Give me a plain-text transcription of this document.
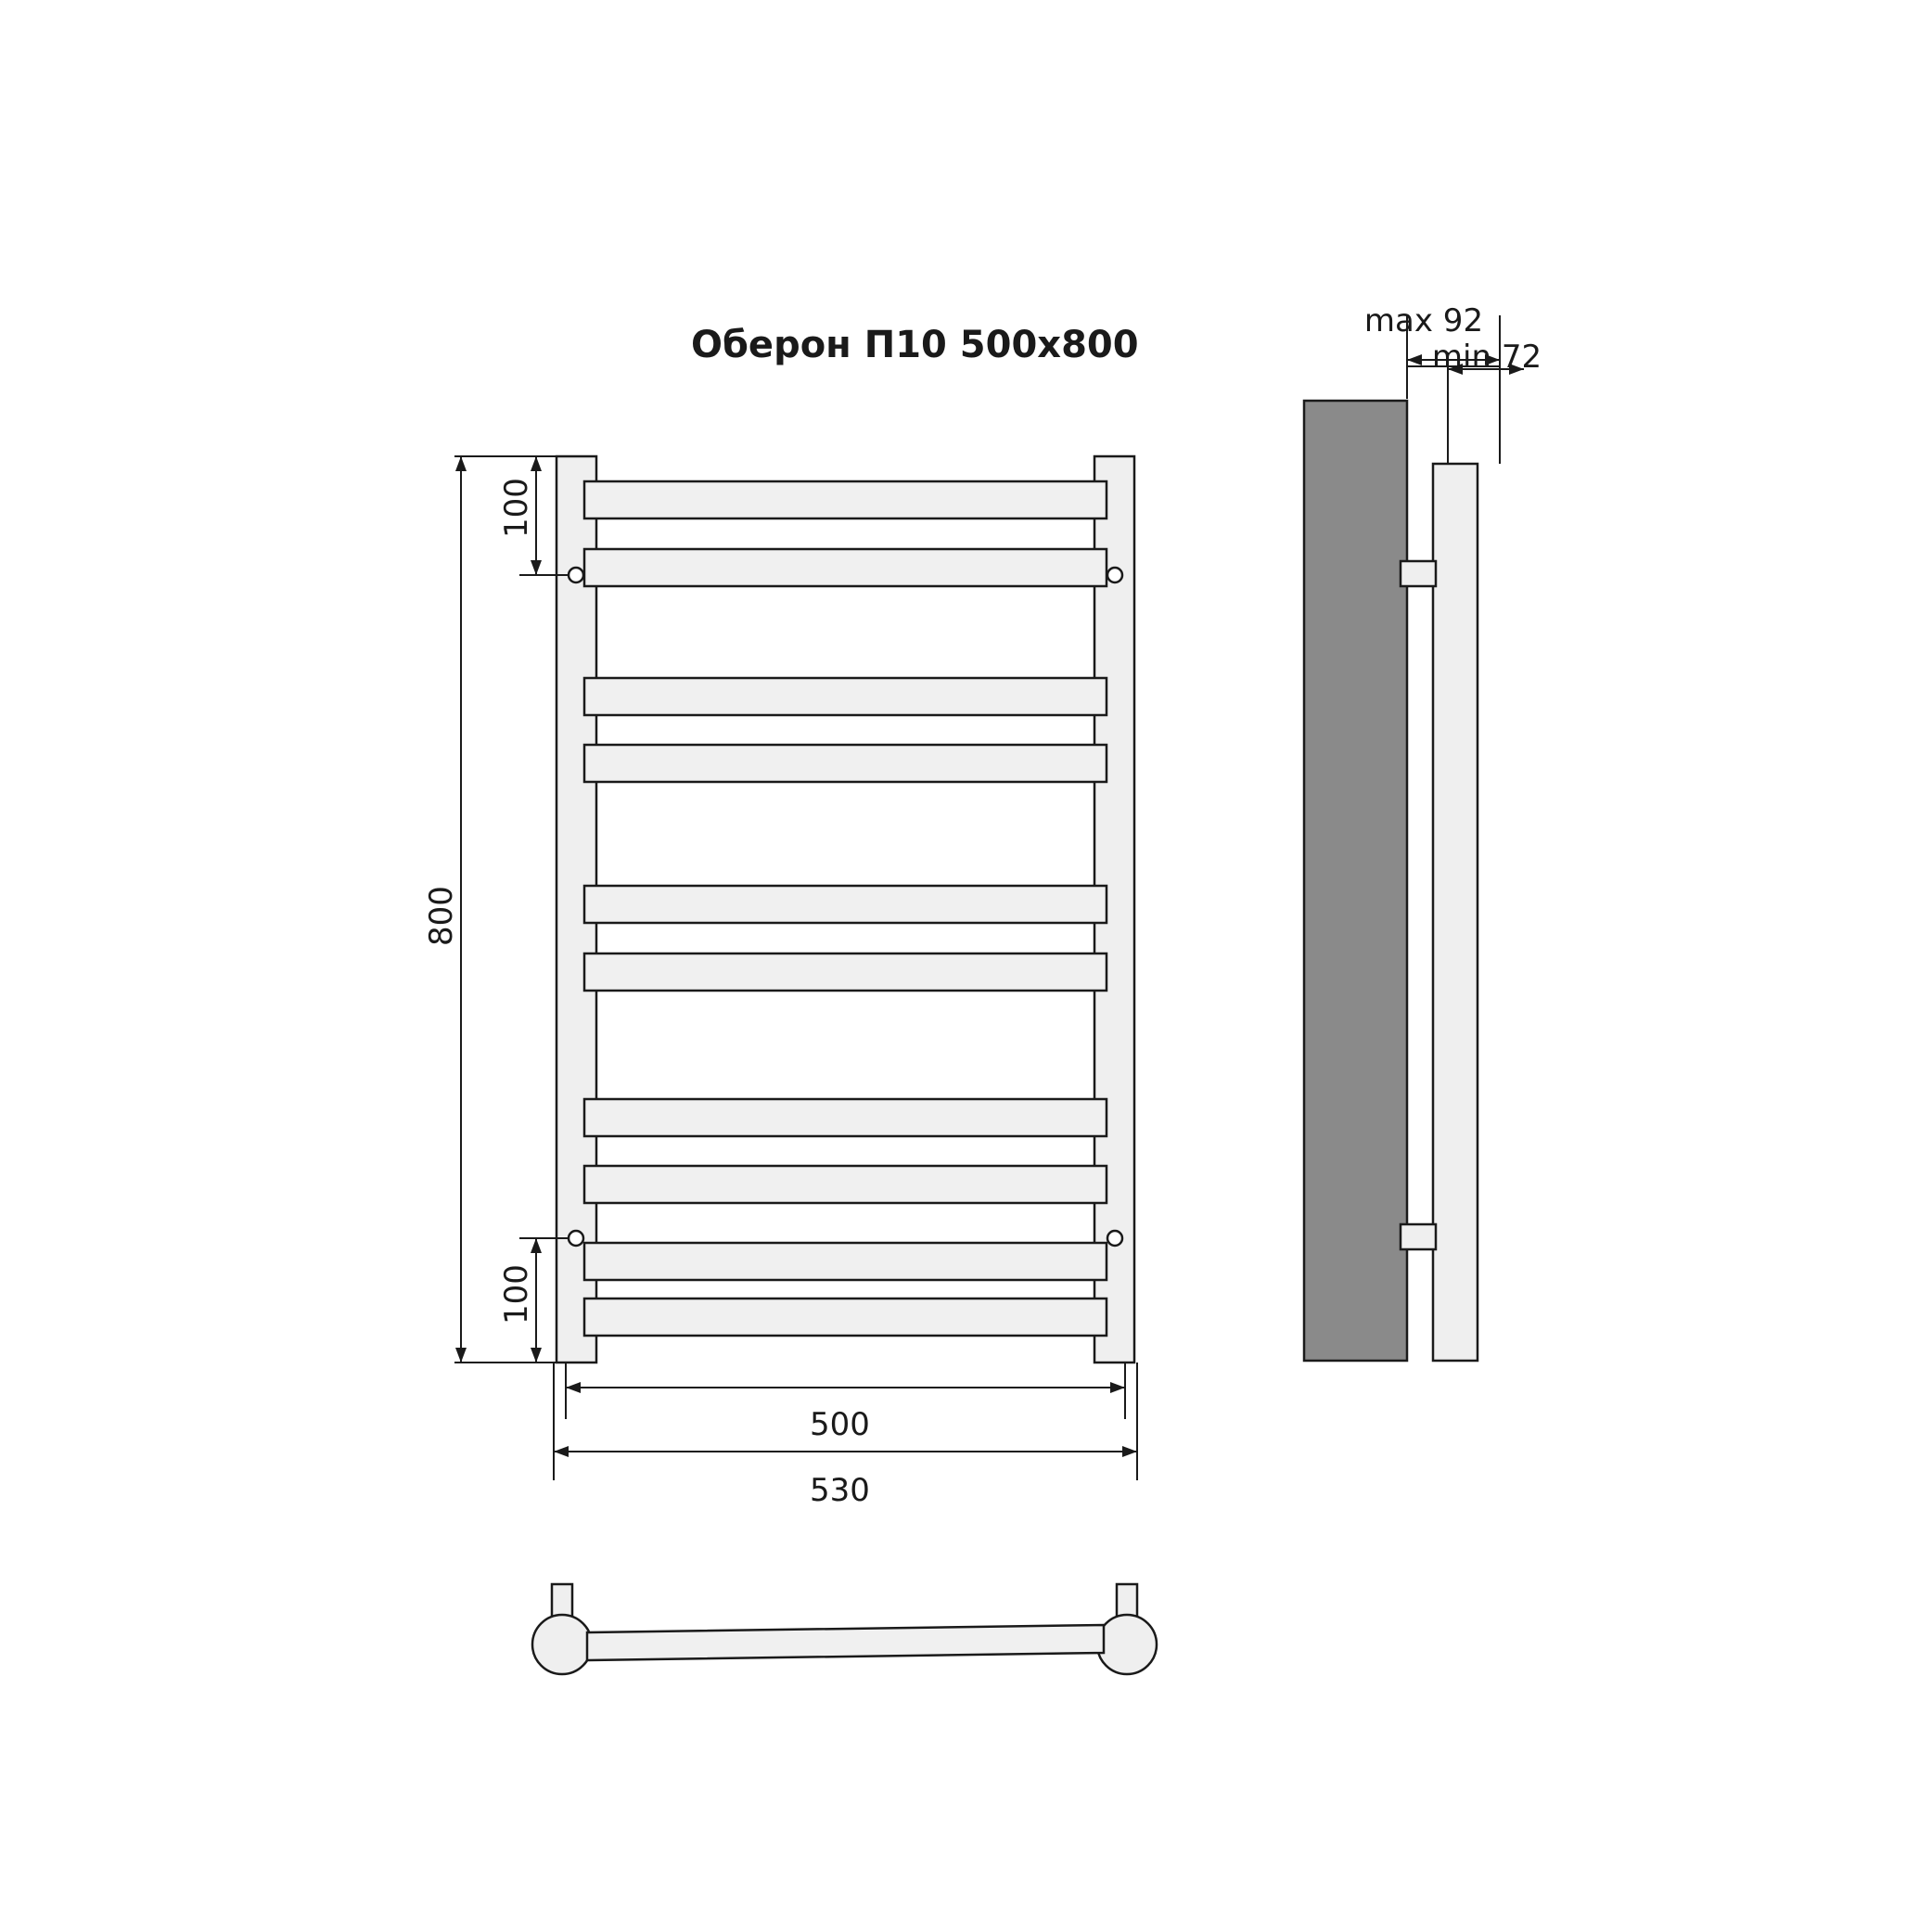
Оберон П10 500x800
100
100
800
500
530
max 92
min 72
